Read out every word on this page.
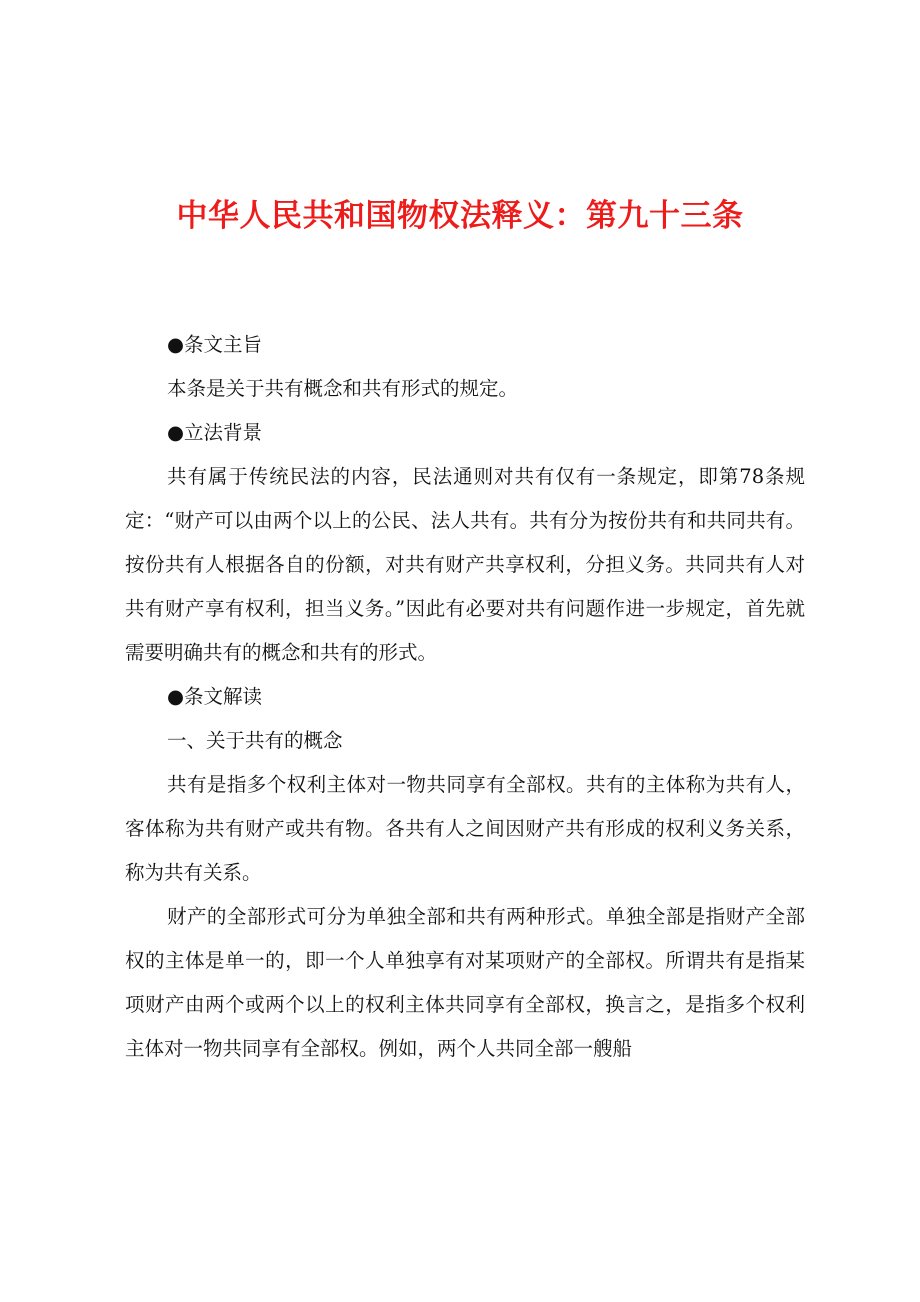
中华人民共和国物权法释义：第九十三条

●条文主旨

本条是关于共有概念和共有形式的规定。

●立法背景

共有属于传统民法的内容，民法通则对共有仅有一条规定，即第78条规定：“财产可以由两个以上的公民、法人共有。共有分为按份共有和共同共有。按份共有人根据各自的份额，对共有财产共享权利，分担义务。共同共有人对共有财产享有权利，担当义务。”因此有必要对共有问题作进一步规定，首先就需要明确共有的概念和共有的形式。

●条文解读

一、关于共有的概念

共有是指多个权利主体对一物共同享有全部权。共有的主体称为共有人，客体称为共有财产或共有物。各共有人之间因财产共有形成的权利义务关系，称为共有关系。

财产的全部形式可分为单独全部和共有两种形式。单独全部是指财产全部权的主体是单一的，即一个人单独享有对某项财产的全部权。所谓共有是指某项财产由两个或两个以上的权利主体共同享有全部权，换言之，是指多个权利主体对一物共同享有全部权。例如，两个人共同全部一艘船
